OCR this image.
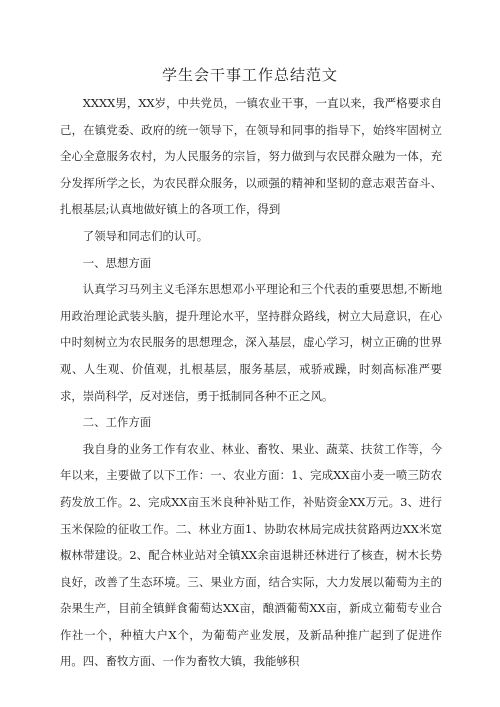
学生会干事工作总结范文

XXXX男，XX岁，中共党员，一镇农业干事，一直以来，我严格要求自己，在镇党委、政府的统一领导下，在领导和同事的指导下，始终牢固树立全心全意服务农村，为人民服务的宗旨，努力做到与农民群众融为一体，充分发挥所学之长，为农民群众服务，以顽强的精神和坚韧的意志艰苦奋斗、扎根基层;认真地做好镇上的各项工作，得到

了领导和同志们的认可。

一、思想方面

认真学习马列主义毛泽东思想邓小平理论和三个代表的重要思想,不断地用政治理论武装头脑，提升理论水平，坚持群众路线，树立大局意识，在心中时刻树立为农民服务的思想理念，深入基层，虚心学习，树立正确的世界观、人生观、价值观，扎根基层，服务基层，戒骄戒躁，时刻高标准严要求，崇尚科学，反对迷信，勇于抵制同各种不正之风。

二、工作方面

我自身的业务工作有农业、林业、畜牧、果业、蔬菜、扶贫工作等，今年以来，主要做了以下工作：一、农业方面：1、完成XX亩小麦一喷三防农药发放工作。2、完成XX亩玉米良种补贴工作，补贴资金XX万元。3、进行玉米保险的征收工作。二、林业方面1、协助农林局完成扶贫路两边XX米宽椒林带建设。2、配合林业站对全镇XX余亩退耕还林进行了核查，树木长势良好，改善了生态环境。三、果业方面，结合实际，大力发展以葡萄为主的杂果生产，目前全镇鲜食葡萄达XX亩，酿酒葡萄XX亩，新成立葡萄专业合作社一个，种植大户X个，为葡萄产业发展，及新品种推广起到了促进作用。四、畜牧方面、一作为畜牧大镇，我能够积
